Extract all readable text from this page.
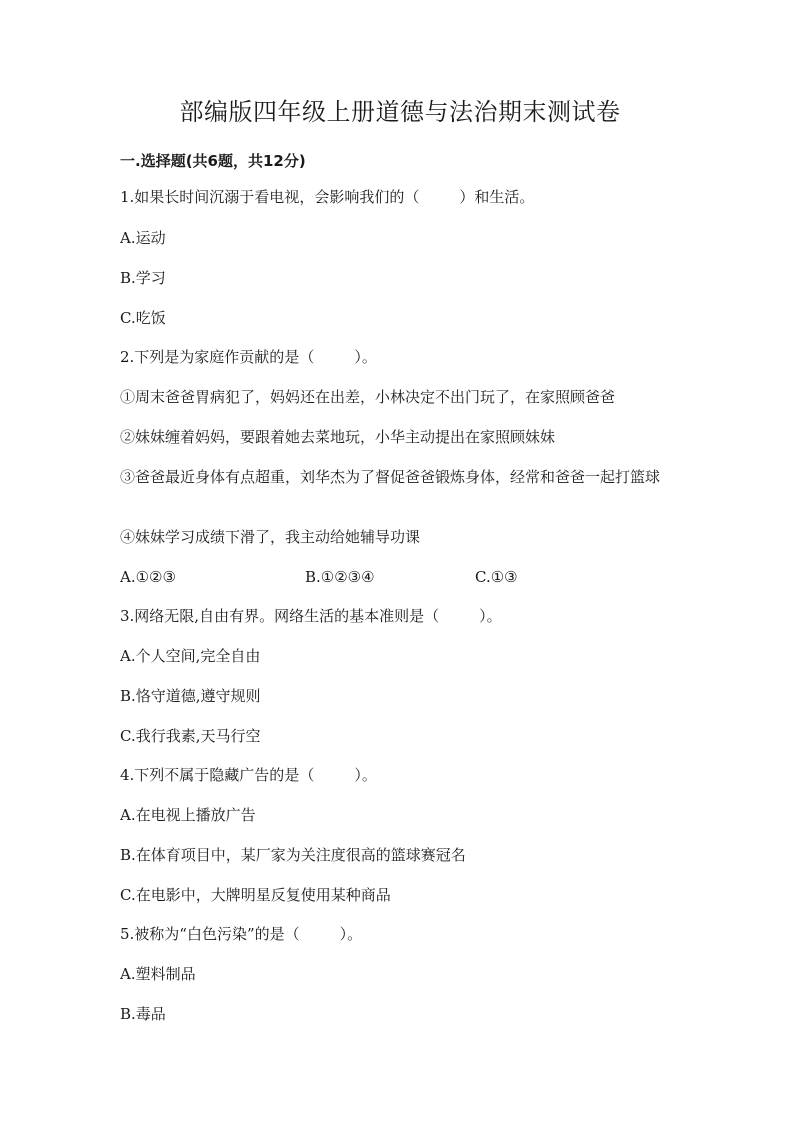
部编版四年级上册道德与法治期末测试卷
一.选择题(共6题，共12分)
1.如果长时间沉溺于看电视，会影响我们的（	）和生活。
A.运动
B.学习
C.吃饭
2.下列是为家庭作贡献的是（	）。
①周末爸爸胃病犯了，妈妈还在出差，小林决定不出门玩了，在家照顾爸爸
②妹妹缠着妈妈，要跟着她去菜地玩，小华主动提出在家照顾妹妹
③爸爸最近身体有点超重，刘华杰为了督促爸爸锻炼身体，经常和爸爸一起打篮球
④妹妹学习成绩下滑了，我主动给她辅导功课
A.①②③	B.①②③④	C.①③
3.网络无限,自由有界。网络生活的基本准则是（	）。
A.个人空间,完全自由
B.恪守道德,遵守规则
C.我行我素,天马行空
4.下列不属于隐藏广告的是（	）。
A.在电视上播放广告
B.在体育项目中，某厂家为关注度很高的篮球赛冠名
C.在电影中，大牌明星反复使用某种商品
5.被称为“白色污染”的是（	）。
A.塑料制品
B.毒品
